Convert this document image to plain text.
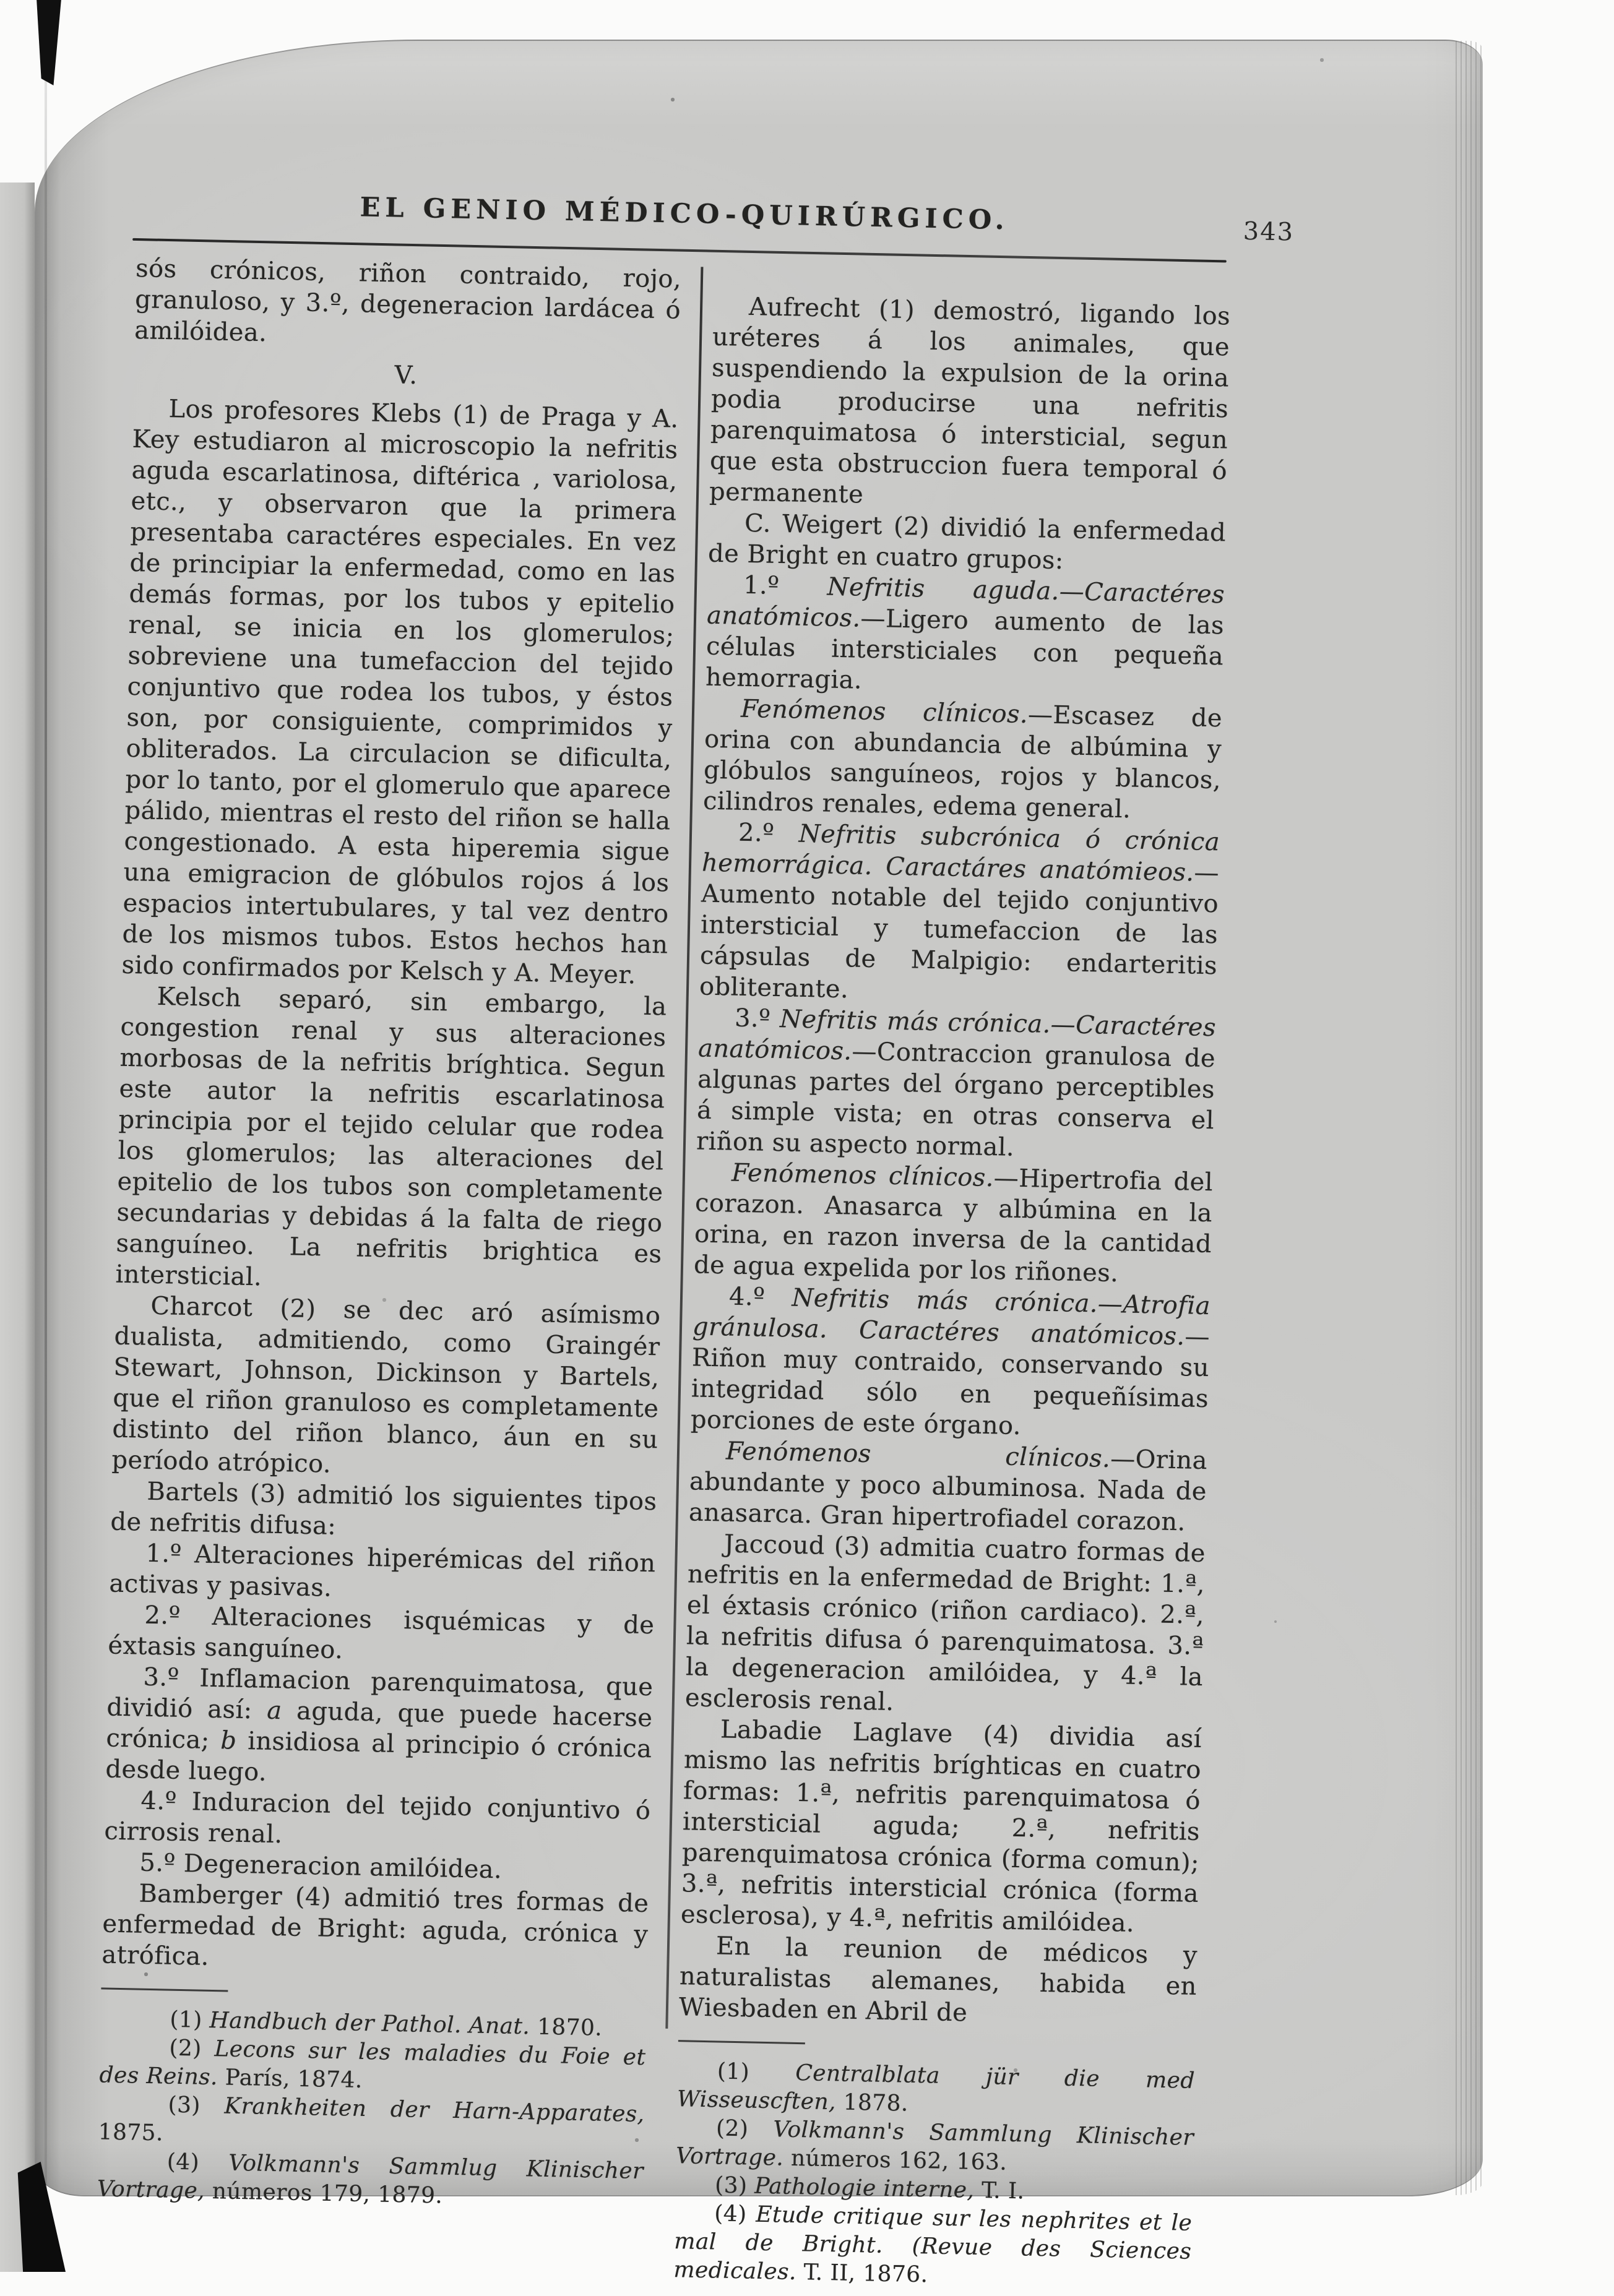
EL GENIO MÉDICO-QUIRÚRGICO.	343

sós crónicos, riñon contraido, rojo, granuloso, y 3.º, degeneracion lardácea ó amilóidea.

V.

Los profesores Klebs (1) de Praga y A. Key estudiaron al microscopio la nefritis aguda escarlatinosa, diftérica , variolosa, etc., y observaron que la primera presentaba caractéres especiales. En vez de principiar la enfermedad, como en las demás formas, por los tubos y epitelio renal, se inicia en los glomerulos; sobreviene una tumefaccion del tejido conjuntivo que rodea los tubos, y éstos son, por consiguiente, comprimidos y obliterados. La circulacion se dificulta, por lo tanto, por el glomerulo que aparece pálido, mientras el resto del riñon se halla congestionado. A esta hiperemia sigue una emigracion de glóbulos rojos á los espacios intertubulares, y tal vez dentro de los mismos tubos. Estos hechos han sido confirmados por Kelsch y A. Meyer.

Kelsch separó, sin embargo, la congestion renal y sus alteraciones morbosas de la nefritis bríghtica. Segun este autor la nefritis escarlatinosa principia por el tejido celular que rodea los glomerulos; las alteraciones del epitelio de los tubos son completamente secundarias y debidas á la falta de riego sanguíneo. La nefritis brightica es intersticial.

Charcot (2) se dec aró asímismo dualista, admitiendo, como Graingér Stewart, Johnson, Dickinson y Bartels, que el riñon granuloso es completamente distinto del riñon blanco, áun en su período atrópico.

Bartels (3) admitió los siguientes tipos de nefritis difusa:

1.º Alteraciones hiperémicas del riñon activas y pasivas.

2.º Alteraciones isquémicas y de éxtasis sanguíneo.

3.º Inflamacion parenquimatosa, que dividió así: a aguda, que puede hacerse crónica; b insidiosa al principio ó crónica desde luego.

4.º Induracion del tejido conjuntivo ó cirrosis renal.

5.º Degeneracion amilóidea.

Bamberger (4) admitió tres formas de enfermedad de Bright: aguda, crónica y atrófica.

(1) Handbuch der Pathol. Anat. 1870.

(2) Lecons sur les maladies du Foie et des Reins. París, 1874.

(3) Krankheiten der Harn-Apparates, 1875.

(4) Volkmann's Sammlug Klinischer Vortrage, números 179, 1879.

Aufrecht (1) demostró, ligando los uréteres á los animales, que suspendiendo la expulsion de la orina podia producirse una nefritis parenquimatosa ó intersticial, segun que esta obstruccion fuera temporal ó permanente

C. Weigert (2) dividió la enfermedad de Bright en cuatro grupos:

1.º Nefritis aguda.—Caractéres anatómicos.—Ligero aumento de las células intersticiales con pequeña hemorragia.

Fenómenos clínicos.—Escasez de orina con abundancia de albúmina y glóbulos sanguíneos, rojos y blancos, cilindros renales, edema general.

2.º Nefritis subcrónica ó crónica hemorrágica. Caractáres anatómieos.—Aumento notable del tejido conjuntivo intersticial y tumefaccion de las cápsulas de Malpigio: endarteritis obliterante.

3.º Nefritis más crónica.—Caractéres anatómicos.—Contraccion granulosa de algunas partes del órgano perceptibles á simple vista; en otras conserva el riñon su aspecto normal.

Fenómenos clínicos.—Hipertrofia del corazon. Anasarca y albúmina en la orina, en razon inversa de la cantidad de agua expelida por los riñones.

4.º Nefritis más crónica.—Atrofia gránulosa. Caractéres anatómicos.—Riñon muy contraido, conservando su integridad sólo en pequeñísimas porciones de este órgano.

Fenómenos clínicos.—Orina abundante y poco albuminosa. Nada de anasarca. Gran hipertrofiadel corazon.

Jaccoud (3) admitia cuatro formas de nefritis en la enfermedad de Bright: 1.ª, el éxtasis crónico (riñon cardiaco). 2.ª, la nefritis difusa ó parenquimatosa. 3.ª la degeneracion amilóidea, y 4.ª la esclerosis renal.

Labadie Laglave (4) dividia así mismo las nefritis bríghticas en cuatro formas: 1.ª, nefritis parenquimatosa ó intersticial aguda; 2.ª, nefritis parenquimatosa crónica (forma comun); 3.ª, nefritis intersticial crónica (forma esclerosa), y 4.ª, nefritis amilóidea.

En la reunion de médicos y naturalistas alemanes, habida en Wiesbaden en Abril de

(1) Centralblata jür die med Wisseuscften, 1878.

(2) Volkmann's Sammlung Klinischer Vortrage. números 162, 163.

(3) Pathologie interne, T. I.

(4) Etude critique sur les nephrites et le mal de Bright. (Revue des Sciences medicales. T. II, 1876.
